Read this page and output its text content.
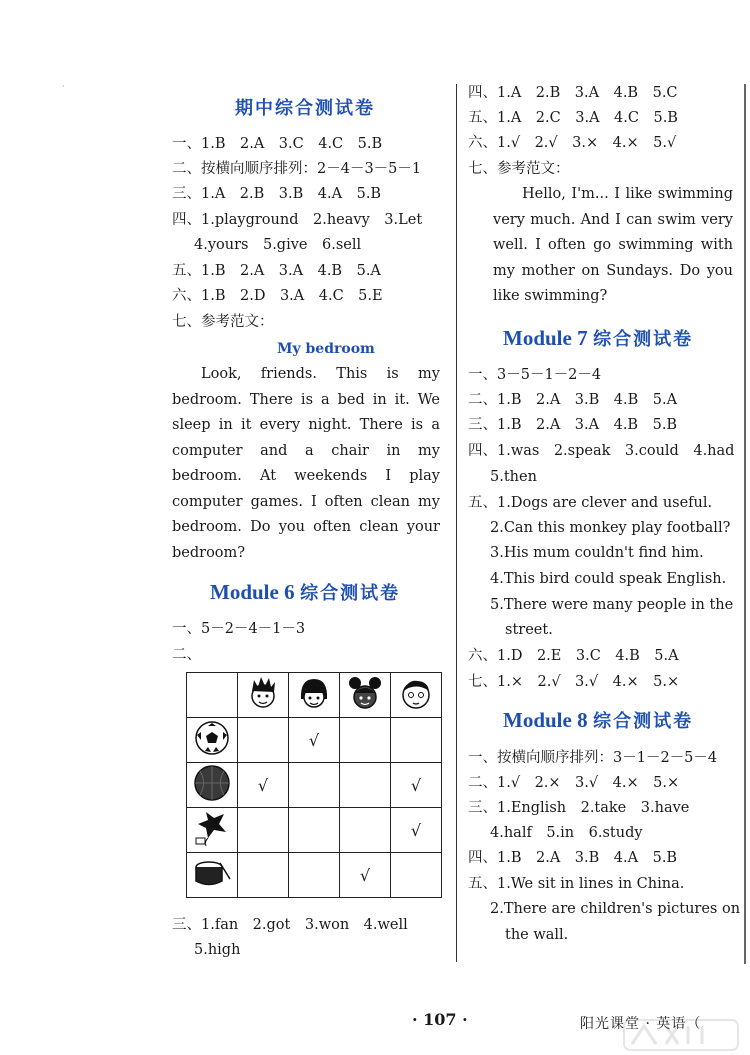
·
期中综合测试卷
一、1.B　2.A　3.C　4.C　5.B
二、按横向顺序排列：2－4－3－5－1
三、1.A　2.B　3.B　4.A　5.B
四、1.playground　2.heavy　3.Let
4.yours　5.give　6.sell
五、1.B　2.A　3.A　4.B　5.A
六、1.B　2.D　3.A　4.C　5.E
七、参考范文：
My bedroom

Look, friends. This is my bedroom. There is a bed in it. We sleep in it every night. There is a computer and a chair in my bedroom. At weekends I play computer games. I often clean my bedroom. Do you often clean your bedroom?

Module 6 综合测试卷
一、5－2－4－1－3
二、

		√		
	√			√
				√
			√	
三、1.fan　2.got　3.won　4.well
5.high
四、1.A　2.B　3.A　4.B　5.C
五、1.A　2.C　3.A　4.C　5.B
六、1.√　2.√　3.×　4.×　5.√
七、参考范文：

Hello, I'm... I like swimming very much. And I can swim very well. I often go swimming with my mother on Sundays. Do you like swimming?

Module 7 综合测试卷
一、3－5－1－2－4
二、1.B　2.A　3.B　4.B　5.A
三、1.B　2.A　3.A　4.B　5.B
四、1.was　2.speak　3.could　4.had
5.then
五、1.Dogs are clever and useful.
2.Can this monkey play football?
3.His mum couldn't find him.
4.This bird could speak English.
5.There were many people in the
street.
六、1.D　2.E　3.C　4.B　5.A
七、1.×　2.√　3.√　4.×　5.×
Module 8 综合测试卷
一、按横向顺序排列：3－1－2－5－4
二、1.√　2.×　3.√　4.×　5.×
三、1.English　2.take　3.have
4.half　5.in　6.study
四、1.B　2.A　3.B　4.A　5.B
五、1.We sit in lines in China.
2.There are children's pictures on
the wall.
· 107 ·	阳光课堂 · 英语（
